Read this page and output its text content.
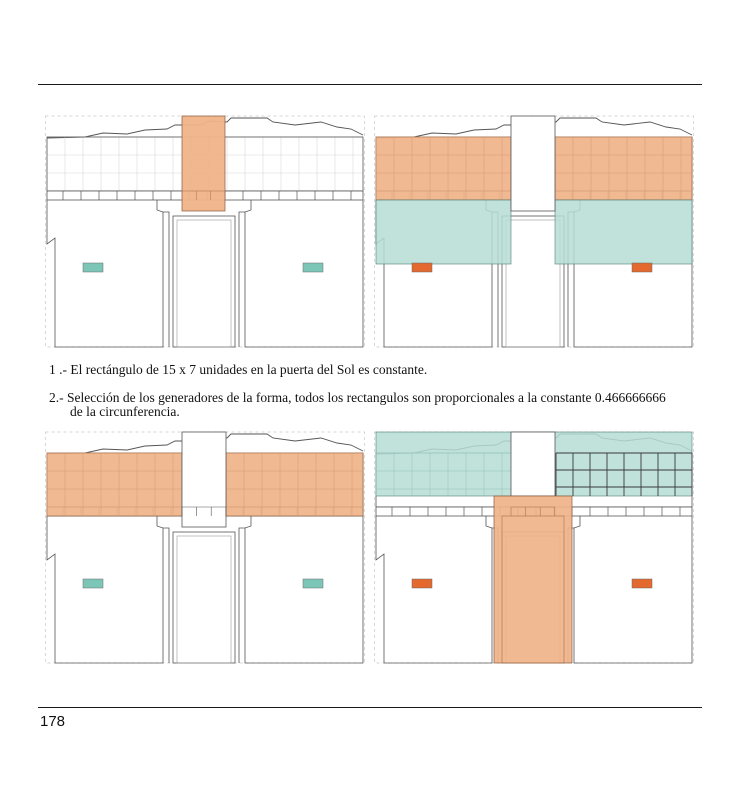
1 .- El rectángulo de 15 x 7 unidades en la puerta del Sol es constante.
2.- Selección de los generadores de la forma, todos los rectangulos son proporcionales a la constante 0.466666666
de la circunferencia.
178
